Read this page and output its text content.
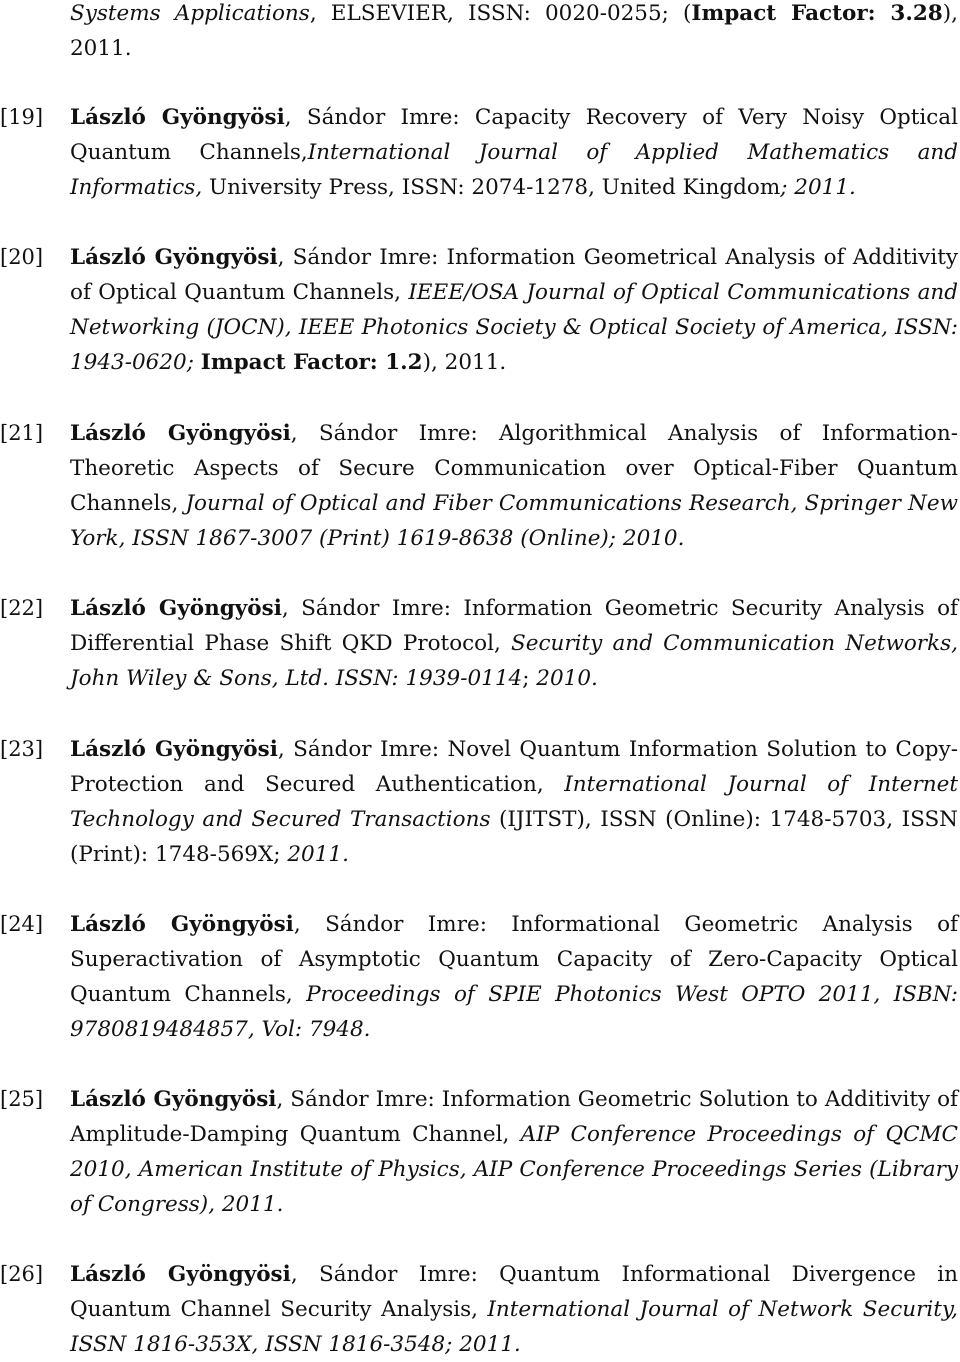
Systems Applications, ELSEVIER, ISSN: 0020-0255; (Impact Factor: 3.28), 2011.
[19]	László Gyöngyösi, Sándor Imre: Capacity Recovery of Very Noisy Optical Quantum Channels,International Journal of Applied Mathematics and Informatics, University Press, ISSN: 2074-1278, United Kingdom; 2011.
[20]	László Gyöngyösi, Sándor Imre: Information Geometrical Analysis of Additivity of Optical Quantum Channels, IEEE/OSA Journal of Optical Communications and Networking (JOCN), IEEE Photonics Society & Optical Society of America, ISSN: 1943-0620; Impact Factor: 1.2), 2011.
[21]	László Gyöngyösi, Sándor Imre: Algorithmical Analysis of Information-Theoretic Aspects of Secure Communication over Optical-Fiber Quantum Channels, Journal of Optical and Fiber Communications Research, Springer New York, ISSN 1867-3007 (Print) 1619-8638 (Online); 2010.
[22]	László Gyöngyösi, Sándor Imre: Information Geometric Security Analysis of Differential Phase Shift QKD Protocol, Security and Communication Networks, John Wiley & Sons, Ltd. ISSN: 1939-0114; 2010.
[23]	László Gyöngyösi, Sándor Imre: Novel Quantum Information Solution to Copy-Protection and Secured Authentication, International Journal of Internet Technology and Secured Transactions (IJITST), ISSN (Online): 1748-5703, ISSN (Print): 1748-569X; 2011.
[24]	László Gyöngyösi, Sándor Imre: Informational Geometric Analysis of Superactivation of Asymptotic Quantum Capacity of Zero-Capacity Optical Quantum Channels, Proceedings of SPIE Photonics West OPTO 2011, ISBN: 9780819484857, Vol: 7948.
[25]	László Gyöngyösi, Sándor Imre: Information Geometric Solution to Additivity of Amplitude-Damping Quantum Channel, AIP Conference Proceedings of QCMC 2010, American Institute of Physics, AIP Conference Proceedings Series (Library of Congress), 2011.
[26]	László Gyöngyösi, Sándor Imre: Quantum Informational Divergence in Quantum Channel Security Analysis, International Journal of Network Security, ISSN 1816-353X, ISSN 1816-3548; 2011.
